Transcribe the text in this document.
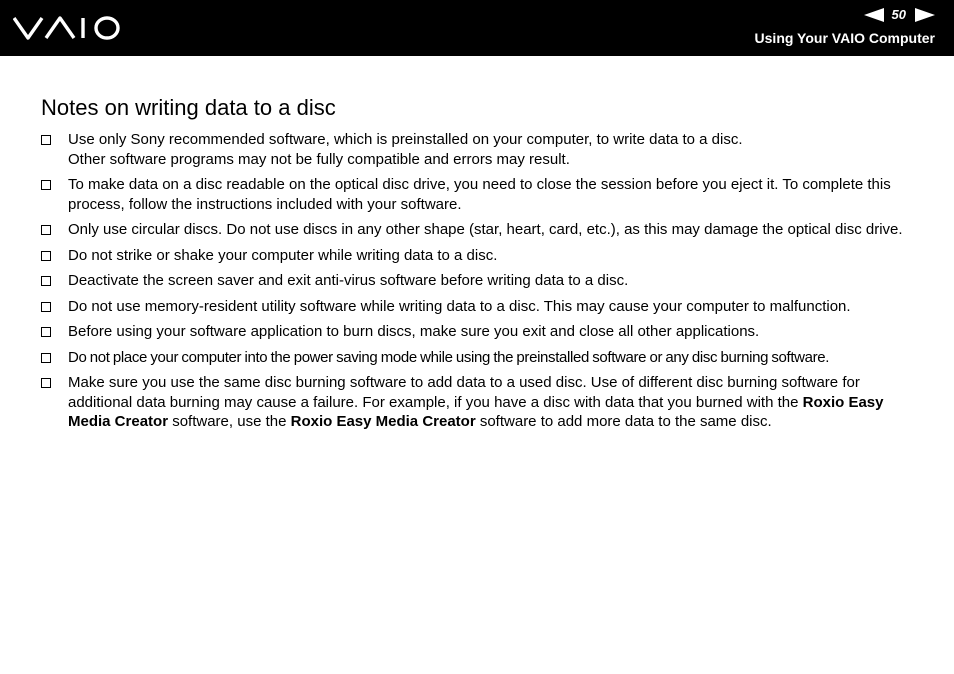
50
Using Your VAIO Computer
Notes on writing data to a disc
Use only Sony recommended software, which is preinstalled on your computer, to write data to a disc.
Other software programs may not be fully compatible and errors may result.
To make data on a disc readable on the optical disc drive, you need to close the session before you eject it. To complete this process, follow the instructions included with your software.
Only use circular discs. Do not use discs in any other shape (star, heart, card, etc.), as this may damage the optical disc drive.
Do not strike or shake your computer while writing data to a disc.
Deactivate the screen saver and exit anti-virus software before writing data to a disc.
Do not use memory-resident utility software while writing data to a disc. This may cause your computer to malfunction.
Before using your software application to burn discs, make sure you exit and close all other applications.
Do not place your computer into the power saving mode while using the preinstalled software or any disc burning software.
Make sure you use the same disc burning software to add data to a used disc. Use of different disc burning software for additional data burning may cause a failure. For example, if you have a disc with data that you burned with the Roxio Easy Media Creator software, use the Roxio Easy Media Creator software to add more data to the same disc.
